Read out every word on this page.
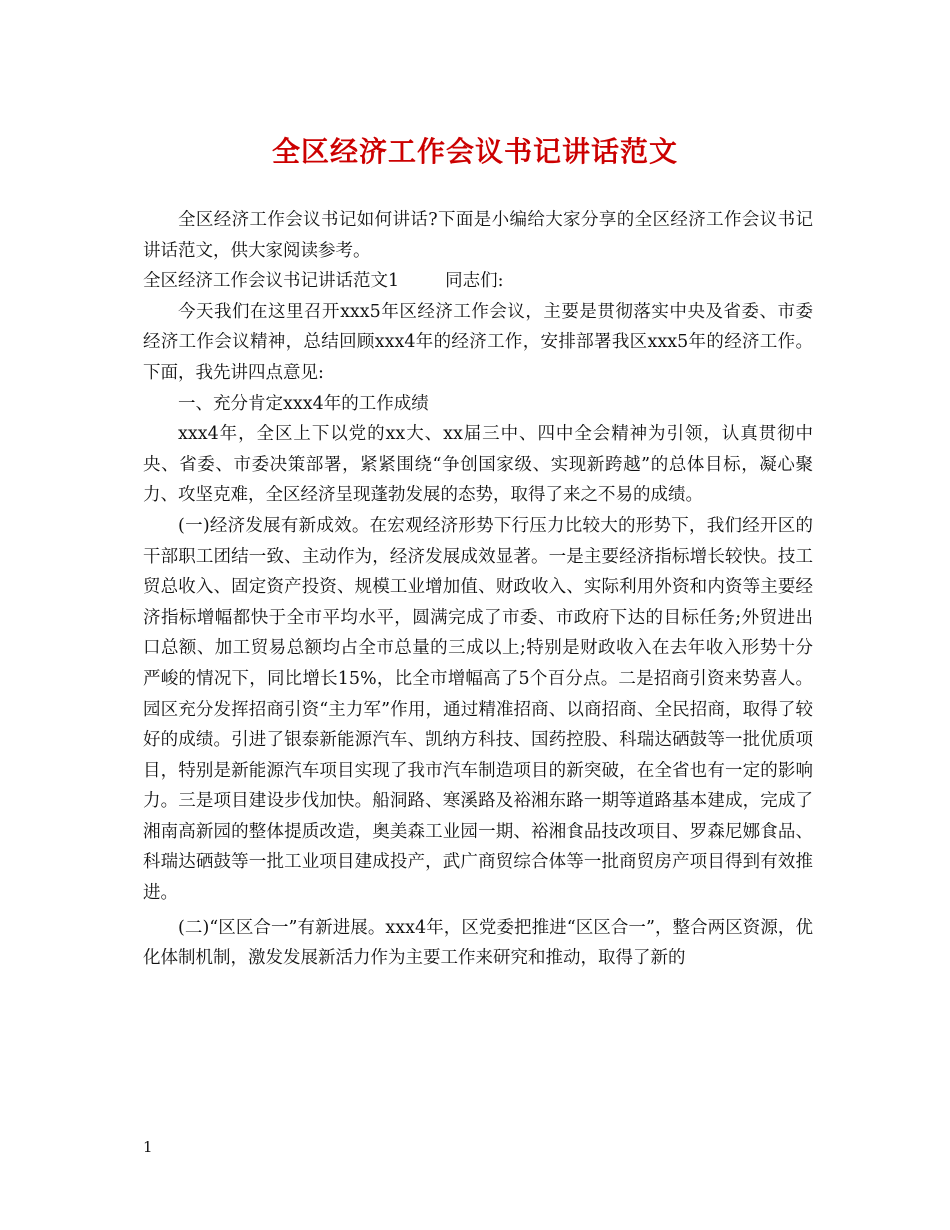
全区经济工作会议书记讲话范文

全区经济工作会议书记如何讲话?下面是小编给大家分享的全区经济工作会议书记讲话范文，供大家阅读参考。

全区经济工作会议书记讲话范文1	同志们:

今天我们在这里召开xxx5年区经济工作会议，主要是贯彻落实中央及省委、市委经济工作会议精神，总结回顾xxx4年的经济工作，安排部署我区xxx5年的经济工作。下面，我先讲四点意见:

一、充分肯定xxx4年的工作成绩

xxx4年，全区上下以党的xx大、xx届三中、四中全会精神为引领，认真贯彻中央、省委、市委决策部署，紧紧围绕“争创国家级、实现新跨越”的总体目标，凝心聚力、攻坚克难，全区经济呈现蓬勃发展的态势，取得了来之不易的成绩。

(一)经济发展有新成效。在宏观经济形势下行压力比较大的形势下，我们经开区的干部职工团结一致、主动作为，经济发展成效显著。一是主要经济指标增长较快。技工贸总收入、固定资产投资、规模工业增加值、财政收入、实际利用外资和内资等主要经济指标增幅都快于全市平均水平，圆满完成了市委、市政府下达的目标任务;外贸进出口总额、加工贸易总额均占全市总量的三成以上;特别是财政收入在去年收入形势十分严峻的情况下，同比增长15%，比全市增幅高了5个百分点。二是招商引资来势喜人。园区充分发挥招商引资“主力军”作用，通过精准招商、以商招商、全民招商，取得了较好的成绩。引进了银泰新能源汽车、凯纳方科技、国药控股、科瑞达硒鼓等一批优质项目，特别是新能源汽车项目实现了我市汽车制造项目的新突破，在全省也有一定的影响力。三是项目建设步伐加快。船洞路、寒溪路及裕湘东路一期等道路基本建成，完成了湘南高新园的整体提质改造，奥美森工业园一期、裕湘食品技改项目、罗森尼娜食品、科瑞达硒鼓等一批工业项目建成投产，武广商贸综合体等一批商贸房产项目得到有效推进。

(二)“区区合一”有新进展。xxx4年，区党委把推进“区区合一”，整合两区资源，优化体制机制，激发发展新活力作为主要工作来研究和推动，取得了新的

1
